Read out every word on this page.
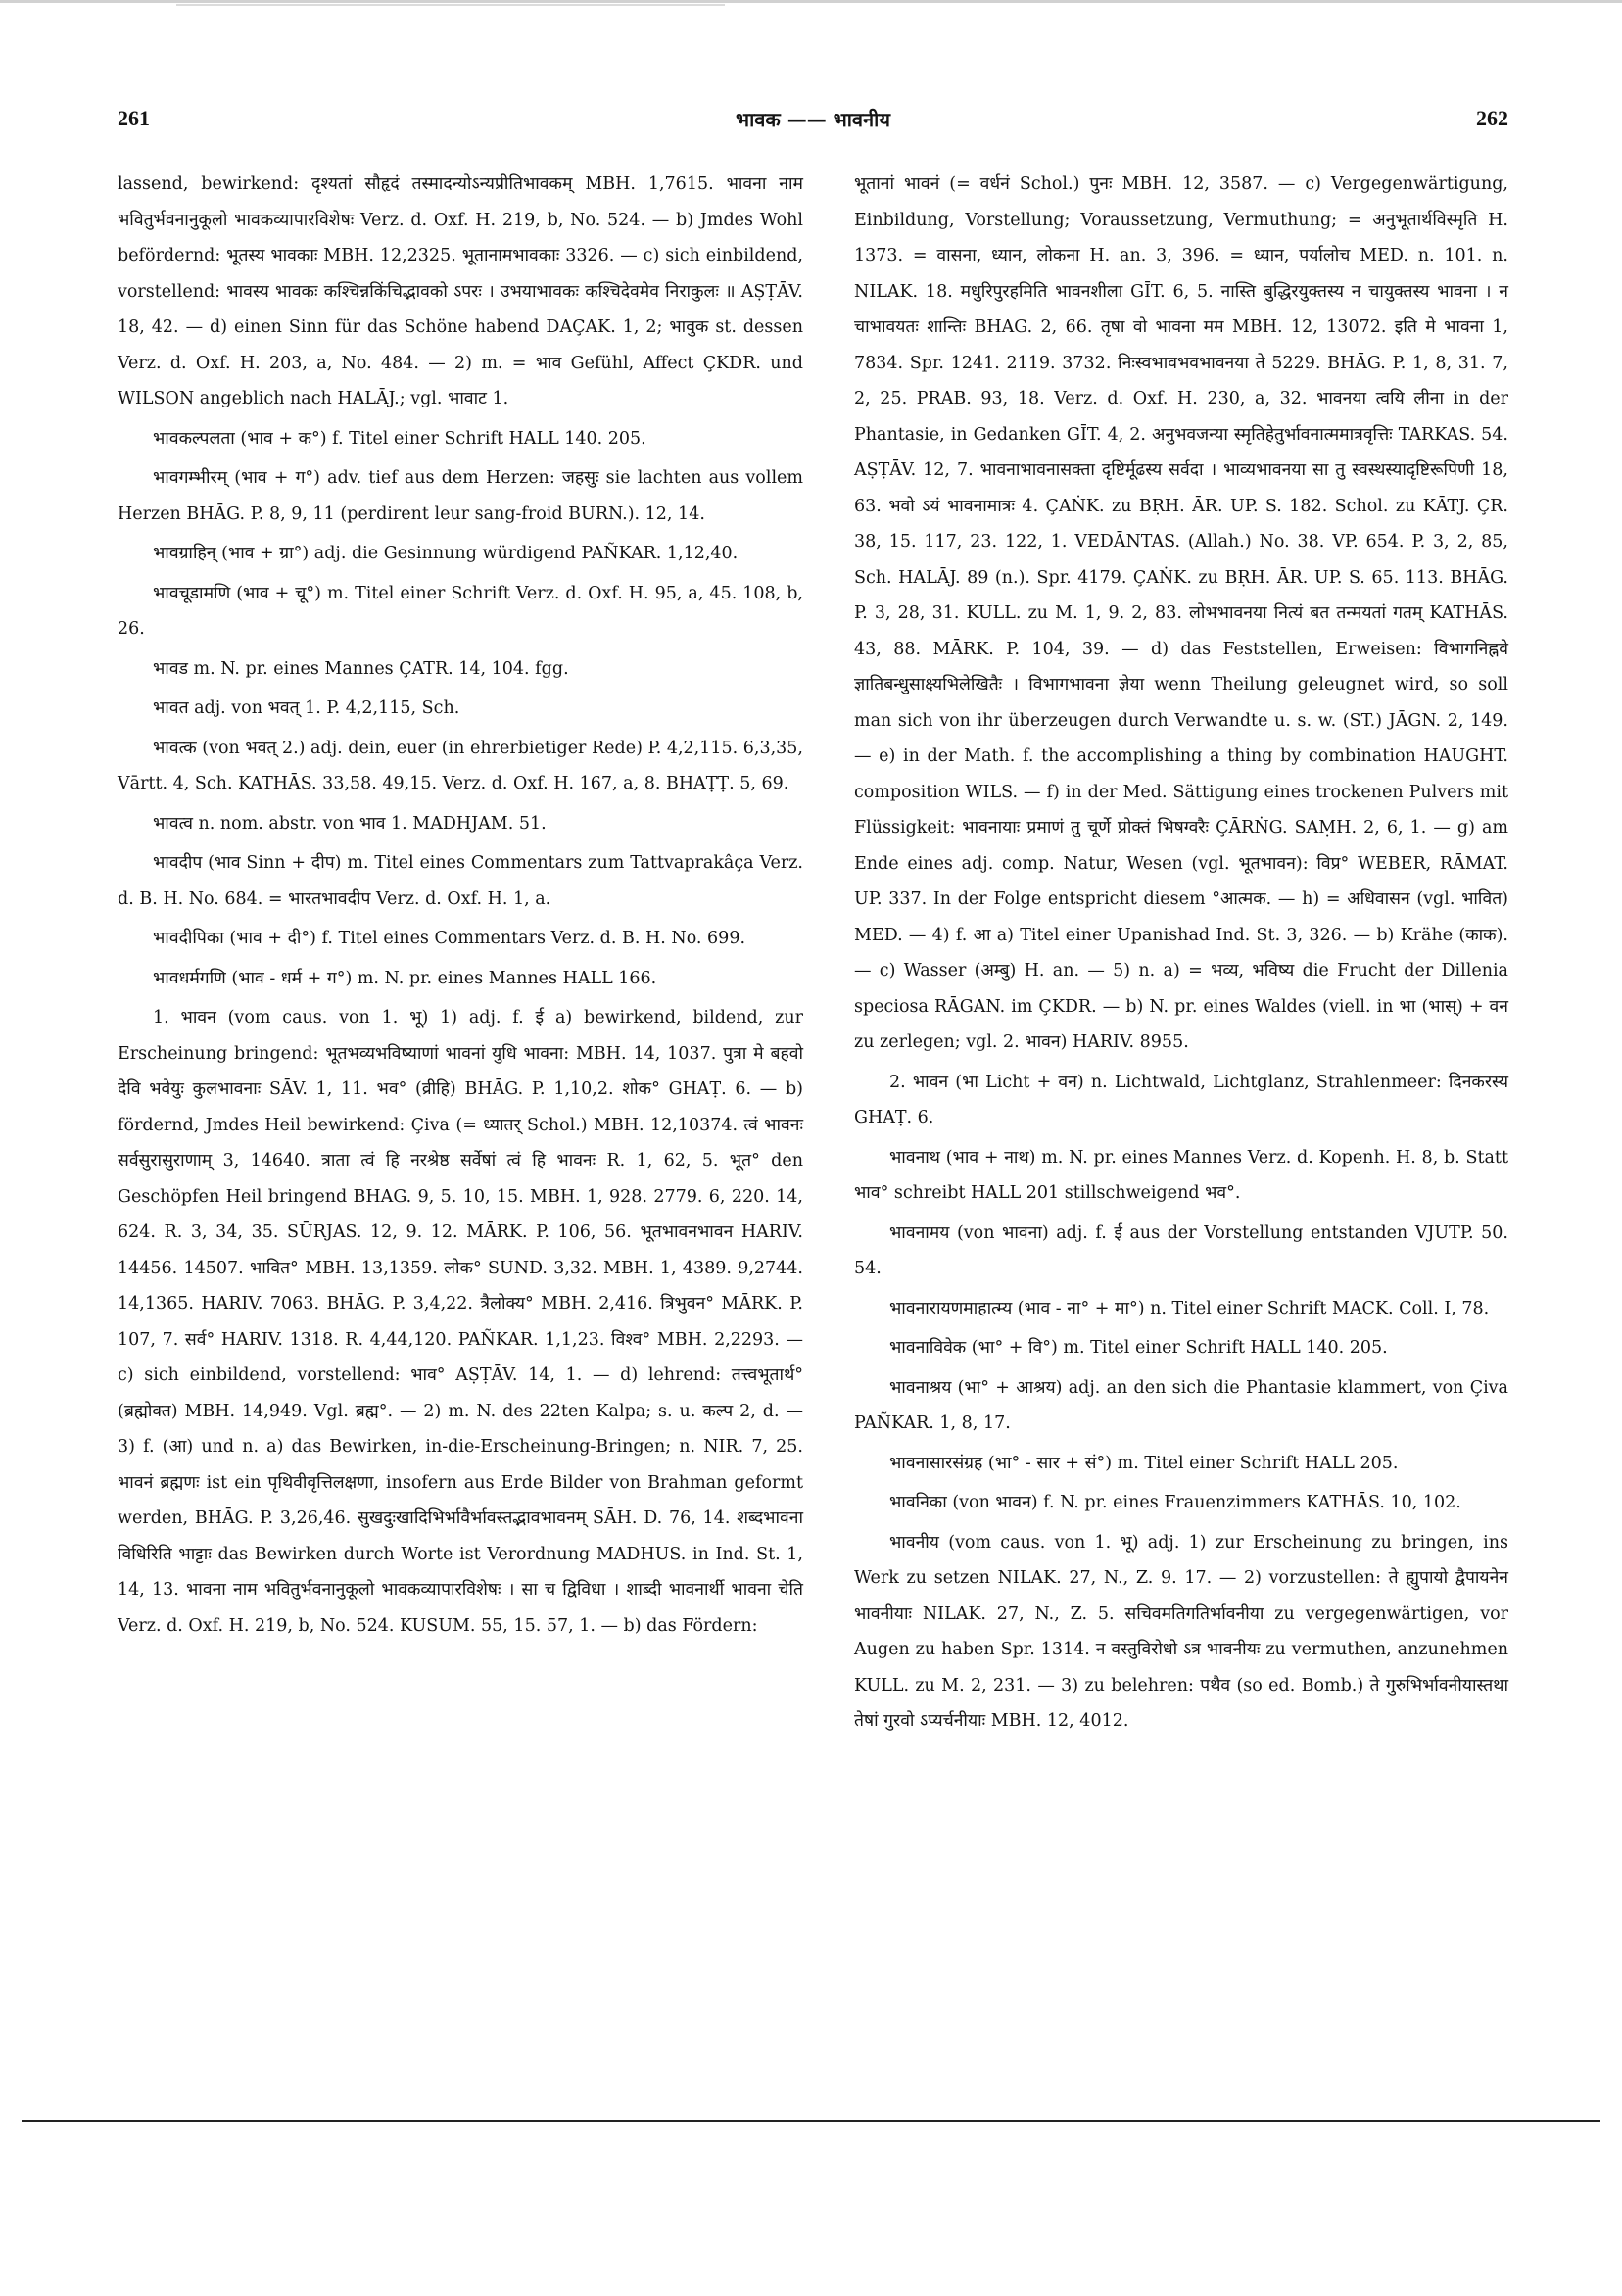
261	भावक —— भावनीय	262

lassend, bewirkend: दृश्यतां सौहृदं तस्मादन्योऽन्यप्रीतिभावकम् MBH. 1,7615. भावना नाम भवितुर्भवनानुकूलो भावकव्यापारविशेषः Verz. d. Oxf. H. 219, b, No. 524. — b) Jmdes Wohl befördernd: भूतस्य भावकाः MBH. 12,2325. भूतानामभावकाः 3326. — c) sich einbildend, vorstellend: भावस्य भावकः कश्चिन्नकिंचिद्भावको ऽपरः । उभयाभावकः कश्चिदेवमेव निराकुलः ॥ AṢṬĀV. 18, 42. — d) einen Sinn für das Schöne habend DAÇAK. 1, 2; भावुक st. dessen Verz. d. Oxf. H. 203, a, No. 484. — 2) m. = भाव Gefühl, Affect ÇKDR. und WILSON angeblich nach HALĀJ.; vgl. भावाट 1.

भावकल्पलता (भाव + क°) f. Titel einer Schrift HALL 140. 205.

भावगम्भीरम् (भाव + ग°) adv. tief aus dem Herzen: जहसुः sie lachten aus vollem Herzen BHĀG. P. 8, 9, 11 (perdirent leur sang-froid BURN.). 12, 14.

भावग्राहिन् (भाव + ग्रा°) adj. die Gesinnung würdigend PAÑKAR. 1,12,40.

भावचूडामणि (भाव + चू°) m. Titel einer Schrift Verz. d. Oxf. H. 95, a, 45. 108, b, 26.

भावड m. N. pr. eines Mannes ÇATR. 14, 104. fgg.

भावत adj. von भवत् 1. P. 4,2,115, Sch.

भावत्क (von भवत् 2.) adj. dein, euer (in ehrerbietiger Rede) P. 4,2,115. 6,3,35, Vārtt. 4, Sch. KATHĀS. 33,58. 49,15. Verz. d. Oxf. H. 167, a, 8. BHAṬṬ. 5, 69.

भावत्व n. nom. abstr. von भाव 1. MADHJAM. 51.

भावदीप (भाव Sinn + दीप) m. Titel eines Commentars zum Tattvaprakâça Verz. d. B. H. No. 684. = भारतभावदीप Verz. d. Oxf. H. 1, a.

भावदीपिका (भाव + दी°) f. Titel eines Commentars Verz. d. B. H. No. 699.

भावधर्मगणि (भाव - धर्म + ग°) m. N. pr. eines Mannes HALL 166.

1. भावन (vom caus. von 1. भू) 1) adj. f. ई a) bewirkend, bildend, zur Erscheinung bringend: भूतभव्यभविष्याणां भावनां युधि भावना: MBH. 14, 1037. पुत्रा मे बहवो देवि भवेयुः कुलभावनाः SĀV. 1, 11. भव° (व्रीहि) BHĀG. P. 1,10,2. शोक° GHAṬ. 6. — b) fördernd, Jmdes Heil bewirkend: Çiva (= ध्यातर् Schol.) MBH. 12,10374. त्वं भावनः सर्वसुरासुराणाम् 3, 14640. त्राता त्वं हि नरश्रेष्ठ सर्वेषां त्वं हि भावनः R. 1, 62, 5. भूत° den Geschöpfen Heil bringend BHAG. 9, 5. 10, 15. MBH. 1, 928. 2779. 6, 220. 14, 624. R. 3, 34, 35. SŪRJAS. 12, 9. 12. MĀRK. P. 106, 56. भूतभावनभावन HARIV. 14456. 14507. भावित° MBH. 13,1359. लोक° SUND. 3,32. MBH. 1, 4389. 9,2744. 14,1365. HARIV. 7063. BHĀG. P. 3,4,22. त्रैलोक्य° MBH. 2,416. त्रिभुवन° MĀRK. P. 107, 7. सर्व° HARIV. 1318. R. 4,44,120. PAÑKAR. 1,1,23. विश्व° MBH. 2,2293. — c) sich einbildend, vorstellend: भाव° AṢṬĀV. 14, 1. — d) lehrend: तत्त्वभूतार्थ° (ब्रह्मोक्त) MBH. 14,949. Vgl. ब्रह्म°. — 2) m. N. des 22ten Kalpa; s. u. कल्प 2, d. — 3) f. (आ) und n. a) das Bewirken, in-die-Erscheinung-Bringen; n. NIR. 7, 25. भावनं ब्रह्मणः ist ein पृथिवीवृत्तिलक्षणा, insofern aus Erde Bilder von Brahman geformt werden, BHĀG. P. 3,26,46. सुखदुःखादिभिर्भावैर्भावस्तद्भावभावनम् SĀH. D. 76, 14. शब्दभावना विधिरिति भाट्टाः das Bewirken durch Worte ist Verordnung MADHUS. in Ind. St. 1, 14, 13. भावना नाम भवितुर्भवनानुकूलो भावकव्यापारविशेषः । सा च द्विविधा । शाब्दी भावनार्थी भावना चेति Verz. d. Oxf. H. 219, b, No. 524. KUSUM. 55, 15. 57, 1. — b) das Fördern:

भूतानां भावनं (= वर्धनं Schol.) पुनः MBH. 12, 3587. — c) Vergegenwärtigung, Einbildung, Vorstellung; Voraussetzung, Vermuthung; = अनुभूतार्थविस्मृति H. 1373. = वासना, ध्यान, लोकना H. an. 3, 396. = ध्यान, पर्यालोच MED. n. 101. n. NILAK. 18. मधुरिपुरहमिति भावनशीला GĪT. 6, 5. नास्ति बुद्धिरयुक्तस्य न चायुक्तस्य भावना । न चाभावयतः शान्तिः BHAG. 2, 66. तृषा वो भावना मम MBH. 12, 13072. इति मे भावना 1, 7834. Spr. 1241. 2119. 3732. निःस्वभावभवभावनया ते 5229. BHĀG. P. 1, 8, 31. 7, 2, 25. PRAB. 93, 18. Verz. d. Oxf. H. 230, a, 32. भावनया त्वयि लीना in der Phantasie, in Gedanken GĪT. 4, 2. अनुभवजन्या स्मृतिहेतुर्भावनात्ममात्रवृत्तिः TARKAS. 54. AṢṬĀV. 12, 7. भावनाभावनासक्ता दृष्टिर्मूढस्य सर्वदा । भाव्यभावनया सा तु स्वस्थस्यादृष्टिरूपिणी 18, 63. भवो ऽयं भावनामात्रः 4. ÇAṄK. zu BṚH. ĀR. UP. S. 182. Schol. zu KĀTJ. ÇR. 38, 15. 117, 23. 122, 1. VEDĀNTAS. (Allah.) No. 38. VP. 654. P. 3, 2, 85, Sch. HALĀJ. 89 (n.). Spr. 4179. ÇAṄK. zu BṚH. ĀR. UP. S. 65. 113. BHĀG. P. 3, 28, 31. KULL. zu M. 1, 9. 2, 83. लोभभावनया नित्यं बत तन्मयतां गतम् KATHĀS. 43, 88. MĀRK. P. 104, 39. — d) das Feststellen, Erweisen: विभागनिह्नवे ज्ञातिबन्धुसाक्ष्यभिलेखितैः । विभागभावना ज्ञेया wenn Theilung geleugnet wird, so soll man sich von ihr überzeugen durch Verwandte u. s. w. (ST.) JĀGN. 2, 149. — e) in der Math. f. the accomplishing a thing by combination HAUGHT. composition WILS. — f) in der Med. Sättigung eines trockenen Pulvers mit Flüssigkeit: भावनायाः प्रमाणं तु चूर्णे प्रोक्तं भिषग्वरैः ÇĀRṄG. SAṂH. 2, 6, 1. — g) am Ende eines adj. comp. Natur, Wesen (vgl. भूतभावन): विप्र° WEBER, RĀMAT. UP. 337. In der Folge entspricht diesem °आत्मक. — h) = अधिवासन (vgl. भावित) MED. — 4) f. आ a) Titel einer Upanishad Ind. St. 3, 326. — b) Krähe (काक). — c) Wasser (अम्बु) H. an. — 5) n. a) = भव्य, भविष्य die Frucht der Dillenia speciosa RĀGAN. im ÇKDR. — b) N. pr. eines Waldes (viell. in भा (भास्) + वन zu zerlegen; vgl. 2. भावन) HARIV. 8955.

2. भावन (भा Licht + वन) n. Lichtwald, Lichtglanz, Strahlenmeer: दिनकरस्य GHAṬ. 6.

भावनाथ (भाव + नाथ) m. N. pr. eines Mannes Verz. d. Kopenh. H. 8, b. Statt भाव° schreibt HALL 201 stillschweigend भव°.

भावनामय (von भावना) adj. f. ई aus der Vorstellung entstanden VJUTP. 50. 54.

भावनारायणमाहात्म्य (भाव - ना° + मा°) n. Titel einer Schrift MACK. Coll. I, 78.

भावनाविवेक (भा° + वि°) m. Titel einer Schrift HALL 140. 205.

भावनाश्रय (भा° + आश्रय) adj. an den sich die Phantasie klammert, von Çiva PAÑKAR. 1, 8, 17.

भावनासारसंग्रह (भा° - सार + सं°) m. Titel einer Schrift HALL 205.

भावनिका (von भावन) f. N. pr. eines Frauenzimmers KATHĀS. 10, 102.

भावनीय (vom caus. von 1. भू) adj. 1) zur Erscheinung zu bringen, ins Werk zu setzen NILAK. 27, N., Z. 9. 17. — 2) vorzustellen: ते ह्युपायो द्वैपायनेन भावनीयाः NILAK. 27, N., Z. 5. सचिवमतिगतिर्भावनीया zu vergegenwärtigen, vor Augen zu haben Spr. 1314. न वस्तुविरोधो ऽत्र भावनीयः zu vermuthen, anzunehmen KULL. zu M. 2, 231. — 3) zu belehren: पथैव (so ed. Bomb.) ते गुरुभिर्भावनीयास्तथा तेषां गुरवो ऽप्यर्चनीयाः MBH. 12, 4012.
